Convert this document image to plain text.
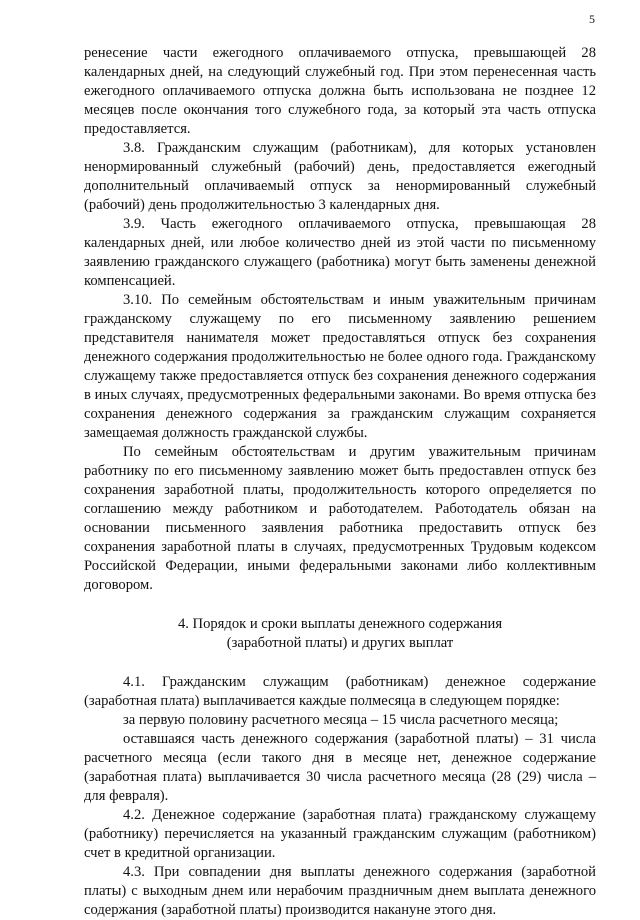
5

ренесение части ежегодного оплачиваемого отпуска, превышающей 28 календарных дней, на следующий служебный год. При этом перенесенная часть ежегодного оплачиваемого отпуска должна быть использована не позднее 12 месяцев после окончания того служебного года, за который эта часть отпуска предоставляется.

3.8. Гражданским служащим (работникам), для которых установлен ненормированный служебный (рабочий) день, предоставляется ежегодный дополнительный оплачиваемый отпуск за ненормированный служебный (рабочий) день продолжительностью 3 календарных дня.

3.9. Часть ежегодного оплачиваемого отпуска, превышающая 28 календарных дней, или любое количество дней из этой части по письменному заявлению гражданского служащего (работника) могут быть заменены денежной компенсацией.

3.10. По семейным обстоятельствам и иным уважительным причинам гражданскому служащему по его письменному заявлению решением представителя нанимателя может предоставляться отпуск без сохранения денежного содержания продолжительностью не более одного года. Гражданскому служащему также предоставляется отпуск без сохранения денежного содержания в иных случаях, предусмотренных федеральными законами. Во время отпуска без сохранения денежного содержания за гражданским служащим сохраняется замещаемая должность гражданской службы.

По семейным обстоятельствам и другим уважительным причинам работнику по его письменному заявлению может быть предоставлен отпуск без сохранения заработной платы, продолжительность которого определяется по соглашению между работником и работодателем. Работодатель обязан на основании письменного заявления работника предоставить отпуск без сохранения заработной платы в случаях, предусмотренных Трудовым кодексом Российской Федерации, иными федеральными законами либо коллективным договором.

4. Порядок и сроки выплаты денежного содержания
(заработной платы) и других выплат

4.1. Гражданским служащим (работникам) денежное содержание (заработная плата) выплачивается каждые полмесяца в следующем порядке:

за первую половину расчетного месяца – 15 числа расчетного месяца;

оставшаяся часть денежного содержания (заработной платы) – 31 числа расчетного месяца (если такого дня в месяце нет, денежное содержание (заработная плата) выплачивается 30 числа расчетного месяца (28 (29) числа – для февраля).

4.2. Денежное содержание (заработная плата) гражданскому служащему (работнику) перечисляется на указанный гражданским служащим (работником) счет в кредитной организации.

4.3. При совпадении дня выплаты денежного содержания (заработной платы) с выходным днем или нерабочим праздничным днем выплата денежного содержания (заработной платы) производится накануне этого дня.
